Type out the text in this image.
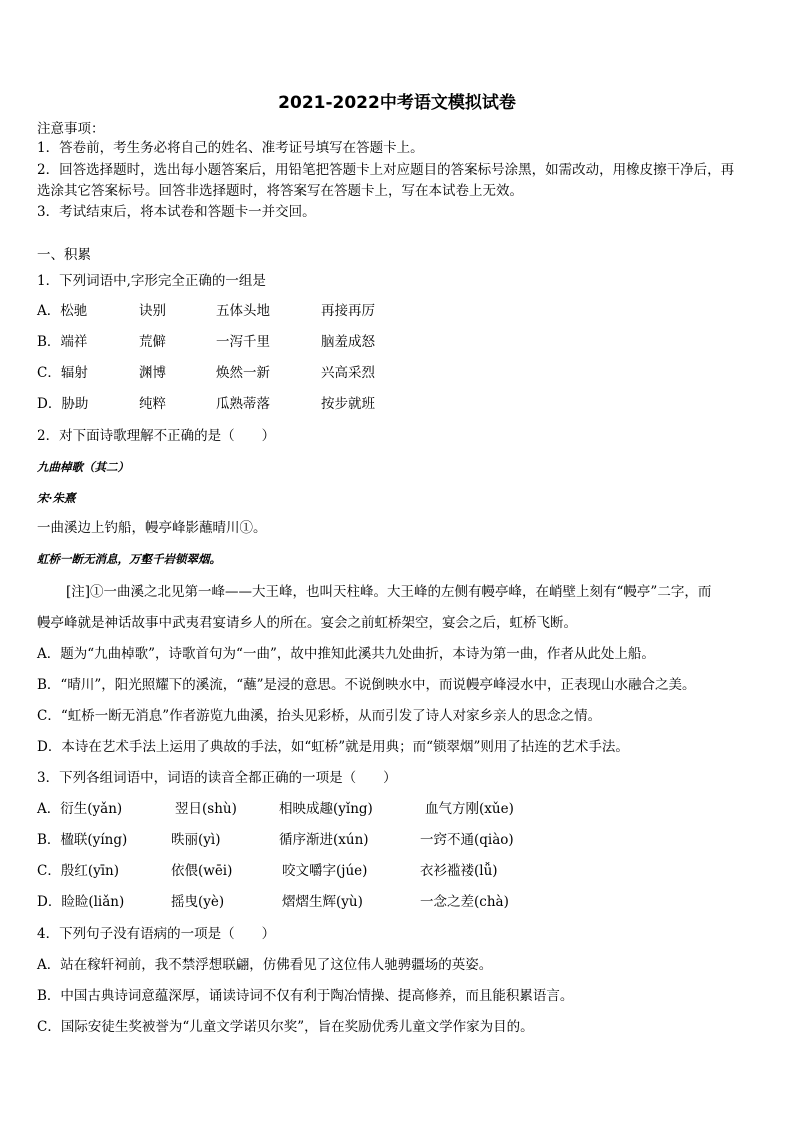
2021-2022中考语文模拟试卷
注意事项：
1．答卷前，考生务必将自己的姓名、准考证号填写在答题卡上。
2．回答选择题时，选出每小题答案后，用铅笔把答题卡上对应题目的答案标号涂黑，如需改动，用橡皮擦干净后，再
选涂其它答案标号。回答非选择题时，将答案写在答题卡上，写在本试卷上无效。
3．考试结束后，将本试卷和答题卡一并交回。
一、积累
1．下列词语中,字形完全正确的一组是
A．松驰	诀别	五体头地	再接再厉
B．端祥	荒僻	一泻千里	脑羞成怒
C．辐射	渊博	焕然一新	兴高采烈
D．胁助	纯粹	瓜熟蒂落	按步就班
2．对下面诗歌理解不正确的是（　　）
九曲棹歌（其二）
宋·朱熹
一曲溪边上钓船，幔亭峰影蘸晴川①。
虹桥一断无消息，万壑千岩锁翠烟。
[注]①一曲溪之北见第一峰——大王峰，也叫天柱峰。大王峰的左侧有幔亭峰，在峭壁上刻有“幔亭”二字，而
幔亭峰就是神话故事中武夷君宴请乡人的所在。宴会之前虹桥架空，宴会之后，虹桥飞断。
A．题为“九曲棹歌”，诗歌首句为“一曲”，故中推知此溪共九处曲折，本诗为第一曲，作者从此处上船。
B．“晴川”，阳光照耀下的溪流，“蘸”是浸的意思。不说倒映水中，而说幔亭峰浸水中，正表现山水融合之美。
C．“虹桥一断无消息”作者游览九曲溪，抬头见彩桥，从而引发了诗人对家乡亲人的思念之情。
D．本诗在艺术手法上运用了典故的手法，如“虹桥”就是用典；而“锁翠烟”则用了拈连的艺术手法。
3．下列各组词语中，词语的读音全都正确的一项是（　　）
A．衍生(yǎn)	翌日(shù)	相映成趣(yǐng)	血气方刚(xǔe)
B．楹联(yíng)	昳丽(yì)	循序渐进(xún)	一窍不通(qiào)
C．殷红(yīn)	依偎(wēi)	咬文嚼字(júe)	衣衫褴褛(lǚ)
D．睑睑(liǎn)	摇曳(yè)	熠熠生辉(yù)	一念之差(chà)
4．下列句子没有语病的一项是（　　）
A．站在稼轩祠前，我不禁浮想联翩，仿佛看见了这位伟人驰骋疆场的英姿。
B．中国古典诗词意蕴深厚，诵读诗词不仅有利于陶冶情操、提高修养，而且能积累语言。
C．国际安徒生奖被誉为“儿童文学诺贝尔奖”，旨在奖励优秀儿童文学作家为目的。
